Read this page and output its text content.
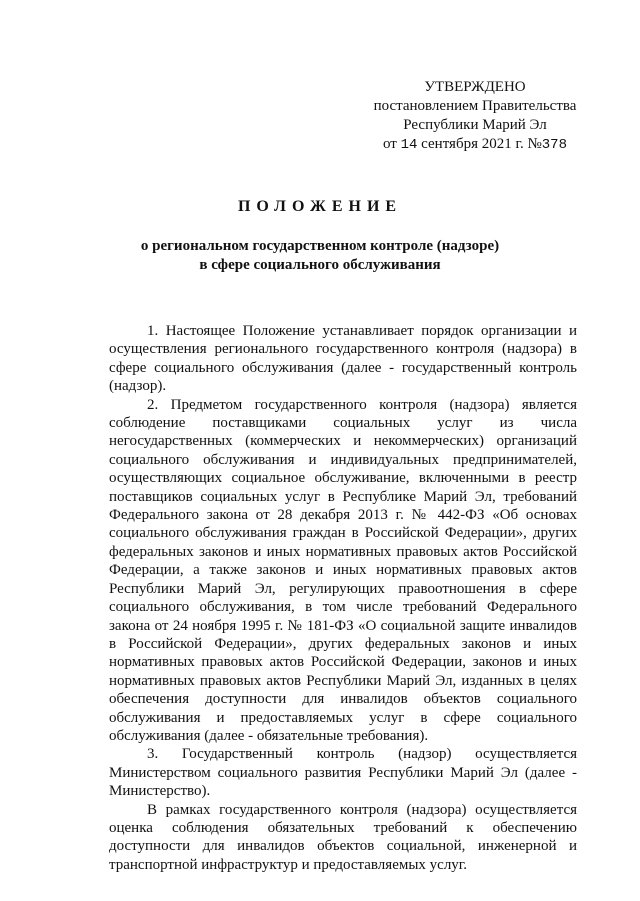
УТВЕРЖДЕНО
постановлением Правительства
Республики Марий Эл
от 14 сентября 2021 г. №378
ПОЛОЖЕНИЕ
о региональном государственном контроле (надзоре)
в сфере социального обслуживания

1. Настоящее Положение устанавливает порядок организации и осуществления регионального государственного контроля (надзора) в сфере социального обслуживания (далее - государственный контроль (надзор).

2. Предметом государственного контроля (надзора) является соблюдение поставщиками социальных услуг из числа негосударственных (коммерческих и некоммерческих) организаций социального обслуживания и индивидуальных предпринимателей, осуществляющих социальное обслуживание, включенными в реестр поставщиков социальных услуг в Республике Марий Эл, требований Федерального закона от 28 декабря 2013 г. № 442-ФЗ «Об основах социального обслуживания граждан в Российской Федерации», других федеральных законов и иных нормативных правовых актов Российской Федерации, а также законов и иных нормативных правовых актов Республики Марий Эл, регулирующих правоотношения в сфере социального обслуживания, в том числе требований Федерального закона от 24 ноября 1995 г. № 181-ФЗ «О социальной защите инвалидов в Российской Федерации», других федеральных законов и иных нормативных правовых актов Российской Федерации, законов и иных нормативных правовых актов Республики Марий Эл, изданных в целях обеспечения доступности для инвалидов объектов социального обслуживания и предоставляемых услуг в сфере социального обслуживания (далее - обязательные требования).

3. Государственный контроль (надзор) осуществляется Министерством социального развития Республики Марий Эл (далее - Министерство).

В рамках государственного контроля (надзора) осуществляется оценка соблюдения обязательных требований к обеспечению доступности для инвалидов объектов социальной, инженерной и транспортной инфраструктур и предоставляемых услуг.
